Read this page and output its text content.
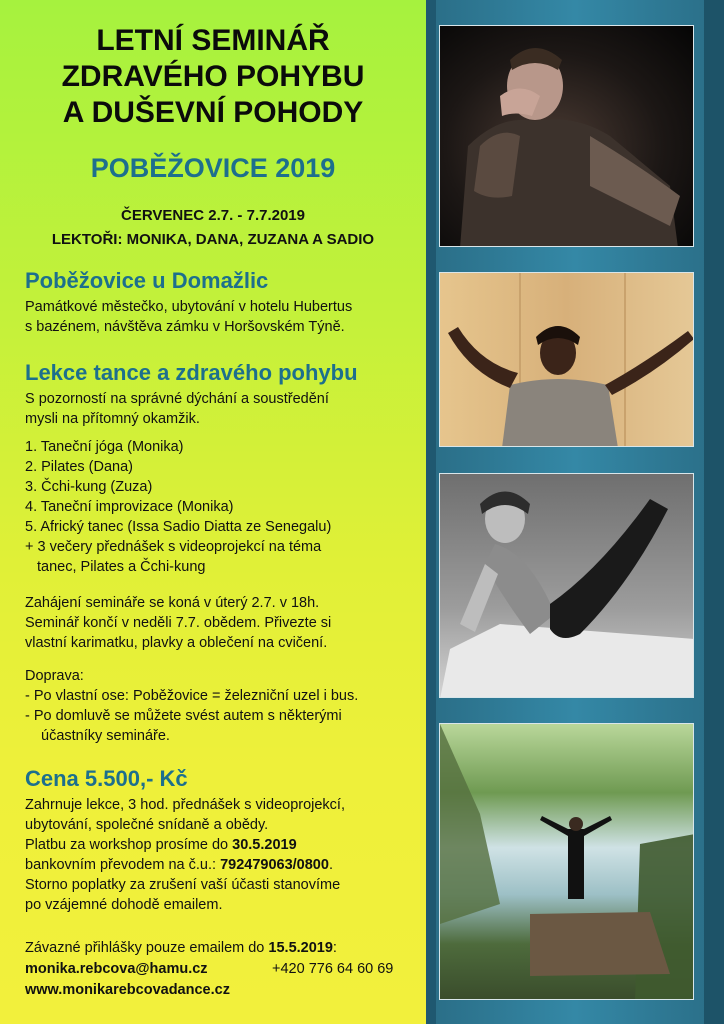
LETNÍ SEMINÁŘ
ZDRAVÉHO POHYBU
A DUŠEVNÍ POHODY
POBĚŽOVICE 2019
ČERVENEC 2.7. - 7.7.2019
LEKTOŘI: MONIKA, DANA, ZUZANA A SADIO
Poběžovice u Domažlic
Památkové městečko, ubytování v hotelu Hubertus
s bazénem, návštěva zámku v Horšovském Týně.
Lekce tance a zdravého pohybu
S pozorností na správné dýchání a soustředění
mysli na přítomný okamžik.
1. Taneční jóga (Monika)
2. Pilates (Dana)
3. Čchi-kung (Zuza)
4. Taneční improvizace (Monika)
5. Africký tanec (Issa Sadio Diatta ze Senegalu)
+ 3 večery přednášek s videoprojekcí na téma
tanec, Pilates a Čchi-kung
Zahájení semináře se koná v úterý 2.7. v 18h.
Seminář končí v neděli 7.7. obědem. Přivezte si
vlastní karimatku, plavky a oblečení na cvičení.
Doprava:
- Po vlastní ose: Poběžovice = železniční uzel i bus.
- Po domluvě se můžete svést autem s některými
účastníky semináře.
Cena 5.500,- Kč
Zahrnuje lekce, 3 hod. přednášek s videoprojekcí,
ubytování, společné snídaně a obědy.
Platbu za workshop prosíme do 30.5.2019
bankovním převodem na č.u.: 792479063/0800.
Storno poplatky za zrušení vaší účasti stanovíme
po vzájemné dohodě emailem.
Závazné přihlášky pouze emailem do 15.5.2019:
monika.rebcova@hamu.cz	+420 776 64 60 69
www.monikarebcovadance.cz
